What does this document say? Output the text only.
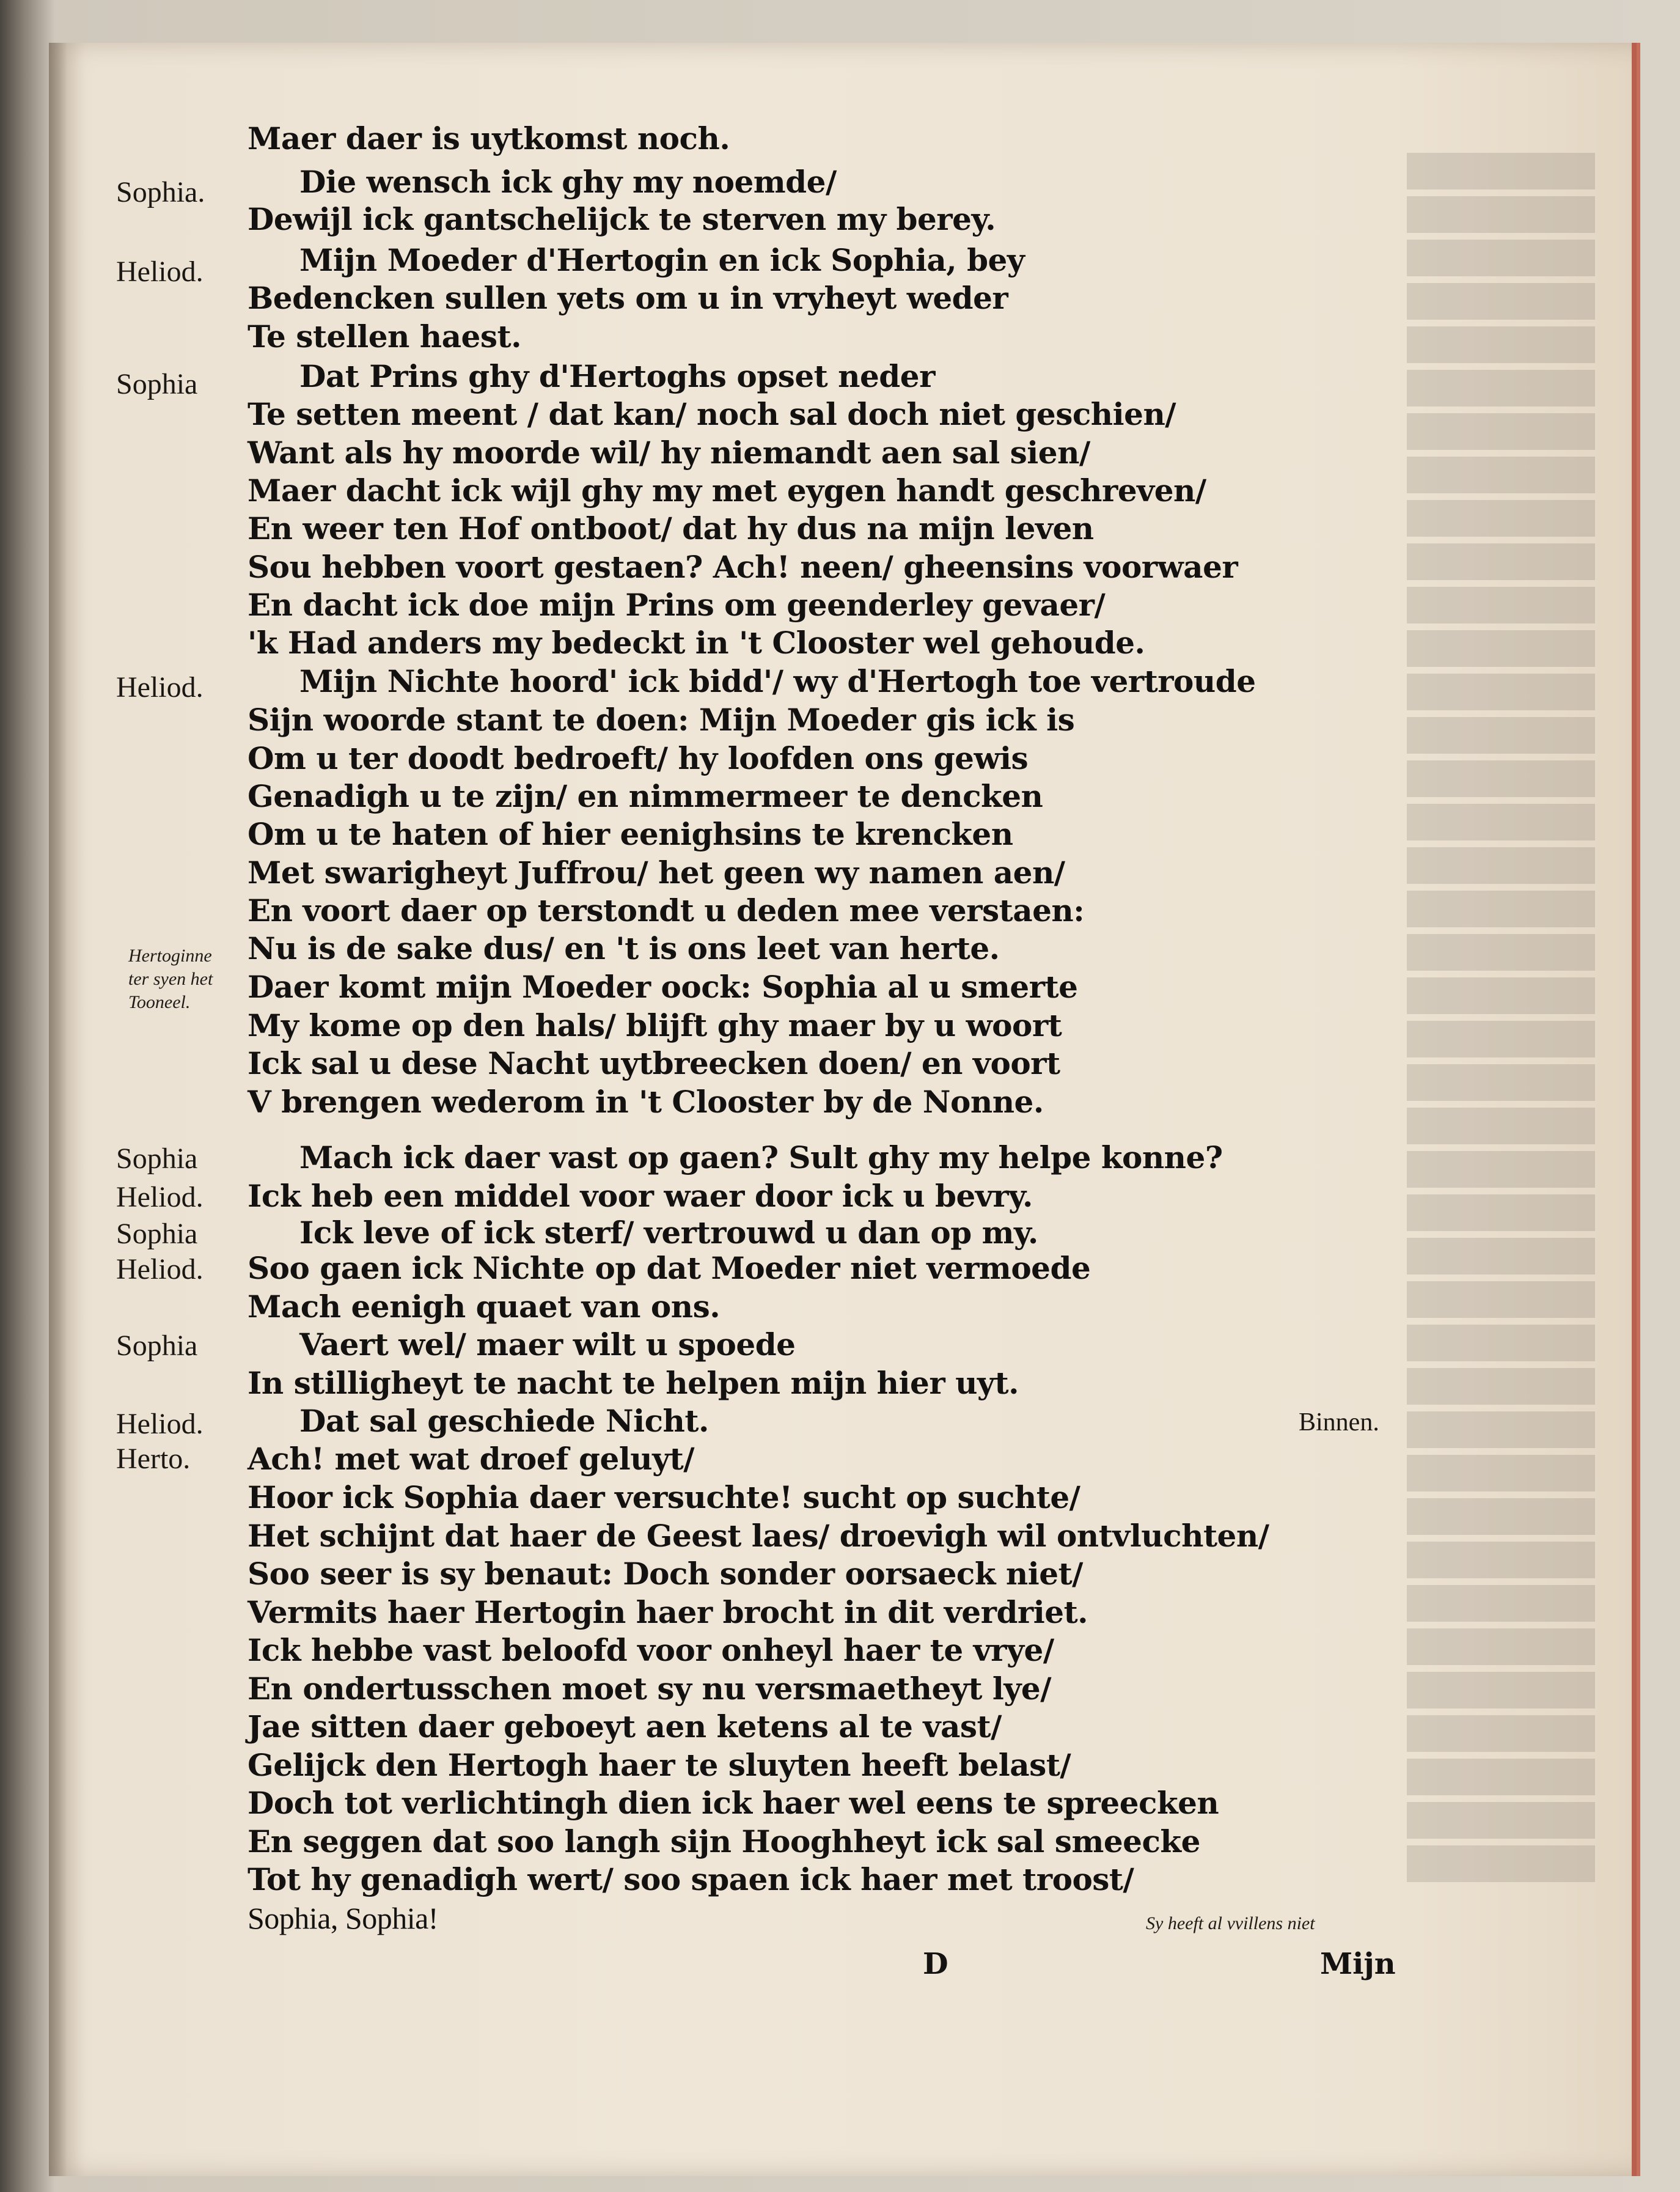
Sophia.
Heliod.
Sophia
Heliod.
Sophia
Heliod.
Sophia
Heliod.
Sophia
Heliod.
Herto.
Hertoginne
ter syen het
Tooneel.
Binnen.
Maer daer is uytkomst noch.
Die wensch ick ghy my noemde/
Dewijl ick gantschelijck te sterven my berey.
Mijn Moeder d'Hertogin en ick Sophia, bey
Bedencken sullen yets om u in vryheyt weder
Te stellen haest.
Dat Prins ghy d'Hertoghs opset neder
Te setten meent / dat kan/ noch sal doch niet geschien/
Want als hy moorde wil/ hy niemandt aen sal sien/
Maer dacht ick wijl ghy my met eygen handt geschreven/
En weer ten Hof ontboot/ dat hy dus na mijn leven
Sou hebben voort gestaen? Ach! neen/ gheensins voorwaer
En dacht ick doe mijn Prins om geenderley gevaer/
'k Had anders my bedeckt in 't Clooster wel gehoude.
Mijn Nichte hoord' ick bidd'/ wy d'Hertogh toe vertroude
Sijn woorde stant te doen: Mijn Moeder gis ick is
Om u ter doodt bedroeft/ hy loofden ons gewis
Genadigh u te zijn/ en nimmermeer te dencken
Om u te haten of hier eenighsins te krencken
Met swarigheyt Juffrou/ het geen wy namen aen/
En voort daer op terstondt u deden mee verstaen:
Nu is de sake dus/ en 't is ons leet van herte.
Daer komt mijn Moeder oock: Sophia al u smerte
My kome op den hals/ blijft ghy maer by u woort
Ick sal u dese Nacht uytbreecken doen/ en voort
V brengen wederom in 't Clooster by de Nonne.
Mach ick daer vast op gaen? Sult ghy my helpe konne?
Ick heb een middel voor waer door ick u bevry.
Ick leve of ick sterf/ vertrouwd u dan op my.
Soo gaen ick Nichte op dat Moeder niet vermoede
Mach eenigh quaet van ons.
Vaert wel/ maer wilt u spoede
In stilligheyt te nacht te helpen mijn hier uyt.
Dat sal geschiede Nicht.
Ach! met wat droef geluyt/
Hoor ick Sophia daer versuchte! sucht op suchte/
Het schijnt dat haer de Geest laes/ droevigh wil ontvluchten/
Soo seer is sy benaut: Doch sonder oorsaeck niet/
Vermits haer Hertogin haer brocht in dit verdriet.
Ick hebbe vast beloofd voor onheyl haer te vrye/
En ondertusschen moet sy nu versmaetheyt lye/
Jae sitten daer geboeyt aen ketens al te vast/
Gelijck den Hertogh haer te sluyten heeft belast/
Doch tot verlichtingh dien ick haer wel eens te spreecken
En seggen dat soo langh sijn Hooghheyt ick sal smeecke
Tot hy genadigh wert/ soo spaen ick haer met troost/
Sophia, Sophia!	Sy heeft al vvillens niet
D	Mijn
